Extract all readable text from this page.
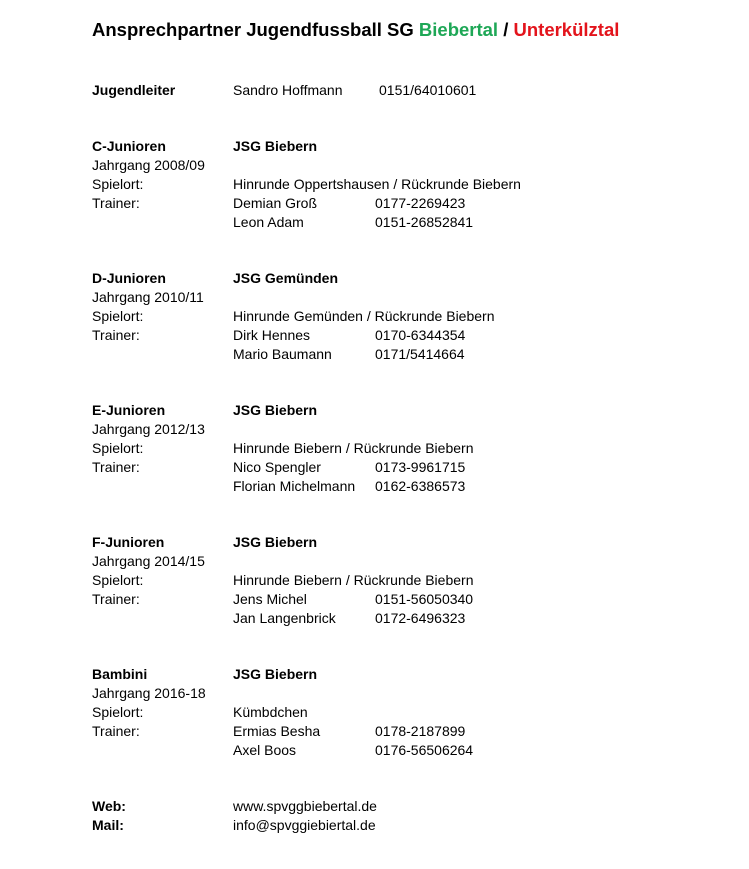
Ansprechpartner Jugendfussball SG Biebertal / Unterkülztal
Jugendleiter	Sandro Hoffmann	0151/64010601
C-Junioren	JSG Biebern
Jahrgang 2008/09
Spielort:	Hinrunde Oppertshausen / Rückrunde Biebern
Trainer:	Demian Groß	0177-2269423
Leon Adam	0151-26852841
D-Junioren	JSG Gemünden
Jahrgang 2010/11
Spielort:	Hinrunde Gemünden / Rückrunde Biebern
Trainer:	Dirk Hennes	0170-6344354
Mario Baumann	0171/5414664
E-Junioren	JSG Biebern
Jahrgang 2012/13
Spielort:	Hinrunde Biebern / Rückrunde Biebern
Trainer:	Nico Spengler	0173-9961715
Florian Michelmann 0162-6386573
F-Junioren	JSG Biebern
Jahrgang 2014/15
Spielort:	Hinrunde Biebern / Rückrunde Biebern
Trainer:	Jens Michel	0151-56050340
Jan Langenbrick	0172-6496323
Bambini	JSG Biebern
Jahrgang 2016-18
Spielort:	Kümbdchen
Trainer:	Ermias Besha	0178-2187899
Axel Boos	0176-56506264
Web:	www.spvggbiebertal.de
Mail:	info@spvggiebiertal.de
